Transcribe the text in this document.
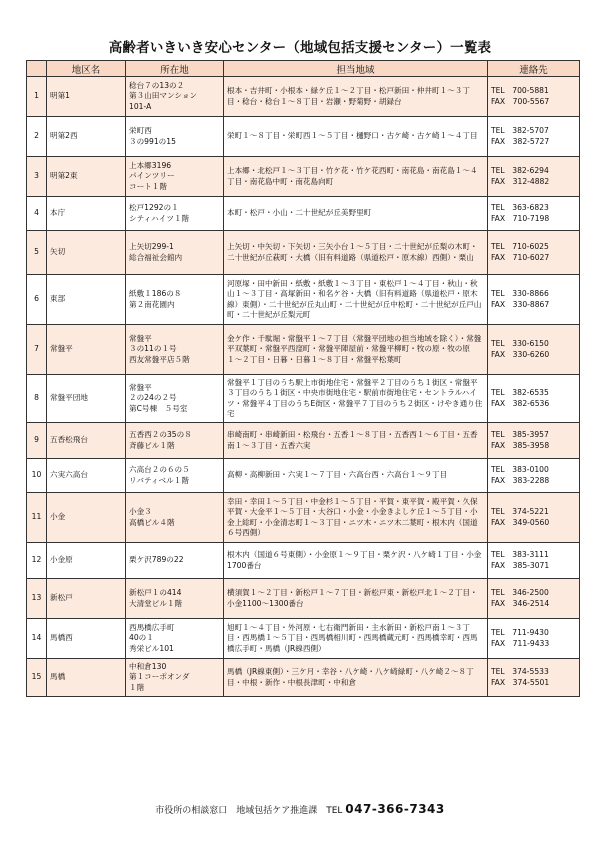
高齢者いきいき安心センター（地域包括支援センター）一覧表
	地区名	所在地	担当地域	連絡先
1	明第1	稔台７の13の２
第３山田マンション
101-A	根本・吉井町・小根本・緑ケ丘１〜２丁目・松戸新田・仲井町１〜３丁目・稔台・稔台１〜８丁目・岩瀬・野菊野・胡録台	TEL　700-5881
FAX　700-5567

2	明第2西	栄町西
３の991の15	栄町１〜８丁目・栄町西１〜５丁目・樋野口・古ケ崎・古ケ崎１〜４丁目	TEL　382-5707
FAX　382-5727

3	明第2東	上本郷3196
パインツリー
コート１階	上本郷・北松戸１〜３丁目・竹ケ花・竹ケ花西町・南花島・南花島１〜４丁目・南花島中町・南花島向町	TEL　382-6294
FAX　312-4882

4	本庁	松戸1292の１
シティハイツ１階	本町・松戸・小山・二十世紀が丘美野里町	TEL　363-6823
FAX　710-7198

5	矢切	上矢切299-1
総合福祉会館内	上矢切・中矢切・下矢切・三矢小台１〜５丁目・二十世紀が丘梨の木町・二十世紀が丘萩町・大橋（旧有料道路（県道松戸・原木線）西側）・栗山	TEL　710-6025
FAX　710-6027

6	東部	紙敷１186の８
第２南花園内	河原塚・田中新田・紙敷・紙敷１〜３丁目・東松戸１〜４丁目・秋山・秋山１〜３丁目・高塚新田・和名ケ谷・大橋（旧有料道路（県道松戸・原木線）東側）・二十世紀が丘丸山町・二十世紀が丘中松町・二十世紀が丘戸山町・二十世紀が丘梨元町	TEL　330-8866
FAX　330-8867

7	常盤平	常盤平
３の11の１号
西友常盤平店５階	金ケ作・千駄堀・常盤平１〜７丁目（常盤平団地の担当地域を除く）・常盤平双葉町・常盤平西窪町・常盤平陣屋前・常盤平柳町・牧の原・牧の原１〜２丁目・日暮・日暮１〜８丁目・常盤平松葉町	TEL　330-6150
FAX　330-6260

8	常盤平団地	常盤平
２の24の２号
第C号棟　５号室	常盤平１丁目のうち駅上市街地住宅・常盤平２丁目のうち１街区・常盤平３丁目のうち１街区・中央市街地住宅・駅前市街地住宅・セントラルハイツ・常盤平４丁目のうちE街区・常盤平７丁目のうち２街区・けやき通り住宅	TEL　382-6535
FAX　382-6536

9	五香松飛台	五香西２の35の８
斉藤ビル１階	串崎南町・串崎新田・松飛台・五香１〜８丁目・五香西１〜６丁目・五香南１〜３丁目・五香六実	TEL　385-3957
FAX　385-3958

10	六実六高台	六高台２の６の５
リバティベル１階	高柳・高柳新田・六実１〜７丁目・六高台西・六高台１〜９丁目	TEL　383-0100
FAX　383-2288

11	小金	小金３
高橋ビル４階	幸田・幸田１〜５丁目・中金杉１〜５丁目・平賀・東平賀・殿平賀・久保平賀・大金平１〜５丁目・大谷口・小金・小金きよしケ丘１〜５丁目・小金上総町・小金清志町１〜３丁目・ニツ木・ニツ木二葉町・根木内（国道６号西側）	TEL　374-5221
FAX　349-0560

12	小金原	栗ケ沢789の22	根木内（国道６号東側）・小金原１〜９丁目・栗ケ沢・八ケ崎１丁目・小金1700番台	TEL　383-3111
FAX　385-3071

13	新松戸	新松戸１の414
大清堂ビル１階	横須賀１〜２丁目・新松戸１〜７丁目・新松戸東・新松戸北１〜２丁目・小金1100〜1300番台	TEL　346-2500
FAX　346-2514

14	馬橋西	西馬橋広手町
40の１
秀栄ビル101	旭町１〜４丁目・外河原・七右衛門新田・主水新田・新松戸南１〜３丁目・西馬橋１〜５丁目・西馬橋相川町・西馬橋蔵元町・西馬橋幸町・西馬橋広手町・馬橋（JR線西側）	TEL　711-9430
FAX　711-9433

15	馬橋	中和倉130
第１コーポオンダ
１階	馬橋（JR線東側）・三ケ月・幸谷・八ケ崎・八ケ崎緑町・八ケ崎２〜８丁目・中根・新作・中根長津町・中和倉	TEL　374-5533
FAX　374-5501
市役所の相談窓口　地域包括ケア推進課　TEL 047-366-7343
